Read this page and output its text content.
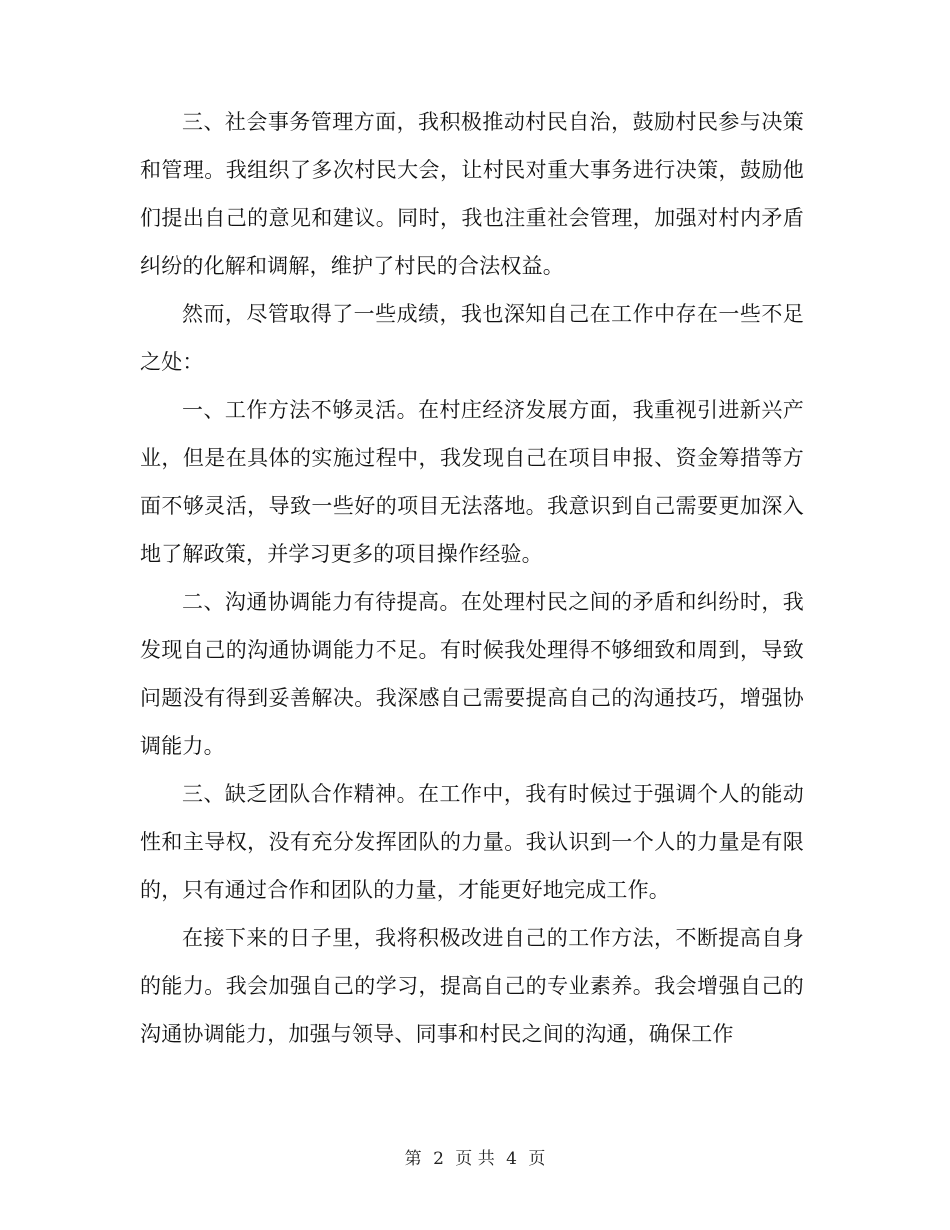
三、社会事务管理方面，我积极推动村民自治，鼓励村民参与决策和管理。我组织了多次村民大会，让村民对重大事务进行决策，鼓励他们提出自己的意见和建议。同时，我也注重社会管理，加强对村内矛盾纠纷的化解和调解，维护了村民的合法权益。

然而，尽管取得了一些成绩，我也深知自己在工作中存在一些不足之处：

一、工作方法不够灵活。在村庄经济发展方面，我重视引进新兴产业，但是在具体的实施过程中，我发现自己在项目申报、资金筹措等方面不够灵活，导致一些好的项目无法落地。我意识到自己需要更加深入地了解政策，并学习更多的项目操作经验。

二、沟通协调能力有待提高。在处理村民之间的矛盾和纠纷时，我发现自己的沟通协调能力不足。有时候我处理得不够细致和周到，导致问题没有得到妥善解决。我深感自己需要提高自己的沟通技巧，增强协调能力。

三、缺乏团队合作精神。在工作中，我有时候过于强调个人的能动性和主导权，没有充分发挥团队的力量。我认识到一个人的力量是有限的，只有通过合作和团队的力量，才能更好地完成工作。

在接下来的日子里，我将积极改进自己的工作方法，不断提高自身的能力。我会加强自己的学习，提高自己的专业素养。我会增强自己的沟通协调能力，加强与领导、同事和村民之间的沟通，确保工作

第 2 页 共 4 页
